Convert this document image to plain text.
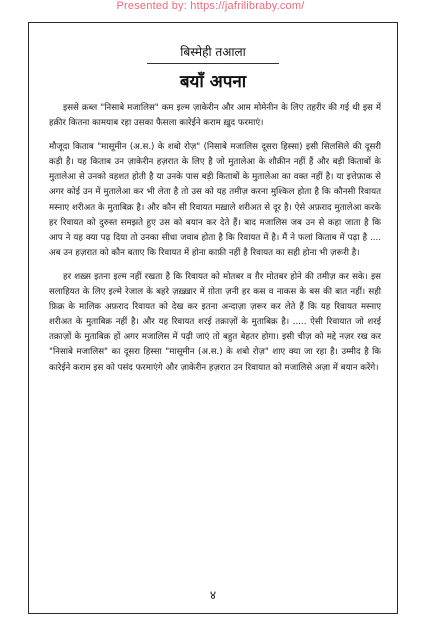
Presented by: https://jafrilibraby.com/
बिस्मेही तआला
बयाँ अपना

इससे क़ब्ल "निसाबे मजालिस" कम इल्म ज़ाकेरीन और आम मोमेनीन के लिए तहरीर की गई थी इस में हक़ीर कितना कामयाब रहा उसका फैसला कारेईने कराम ख़ुद फरमाएं।

मौजूदा किताब "मासूमीन (अ.स.) के शबो रोज़" (निसाबे मजालिस दूसरा हिस्सा) इसी सिलसिले की दूसरी कड़ी है। यह किताब उन ज़ाकेरीन हज़रात के लिए है जो मुतालेआ के शौक़ीन नहीं हैं और बड़ी किताबों के मुतालेआ से उनको वहशत होती है या उनके पास बड़ी किताबों के मुतालेआ का वक्त नहीं है। या इत्तेफ़ाक से अगर कोई उन में मुतालेआ कर भी लेता है तो उस को यह तमीज़ करना मुश्किल होता है कि कौनसी रिवायत मस्नाए शरीअत के मुताबिक़ है। और कौन सी रिवायत मख़ाले शरीअत से दूर है। ऐसे अफ़राद मुतालेआ करके हर रिवायत को दुरुस्त समझते हुए उस को बयान कर देते हैं। बाद मजालिस जब उन से कहा जाता है कि आप ने यह क्या पढ़ दिया तो उनका सीधा जवाब होता है कि रिवायत में है। मैं ने फलां किताब में पढ़ा है .... अब उन हज़रात को कौन बताए कि रिवायत में होना काफ़ी नहीं है रिवायत का सही होना भी ज़रूरी है।

हर शख़्स इतना इल्म नहीं रखता है कि रिवायत को मोतबर व ग़ैर मोतबर होने की तमीज़ कर सके। इस सलाहियत के लिए इल्मे रेजाल के बहरे ज़ख़्ख़ार में ग़ोता ज़नी हर कस व नाकस के बस की बात नहीं। सही फ़िक्र के मालिक अफ़राद रिवायत को देख कर इतना अन्दाज़ा ज़रूर कर लेते हैं कि यह रिवायत मस्नाए शरीअत के मुताबिक़ नहीं है। और यह रिवायत शरई तक़ाज़ों के मुताबिक़ है। ..... ऐसी रिवायात जो शरई तक़ाज़ों के मुताबिक़ हों अगर मजालिस में पढ़ी जाएं तो बहुत बेहतर होगा। इसी चीज़ को मद्दे नज़र रख कर "निसाबे मजालिस" का दूसरा हिस्सा "मासूमीन (अ.स.) के शबो रोज़" शाए क्या जा रहा है। उम्मीद है कि कारेईने कराम इस को पसंद फरमाएंगे और ज़ाकेरीन हज़रात उन रिवायात को मजालिसे अज़ा में बयान करेंगे।

४
